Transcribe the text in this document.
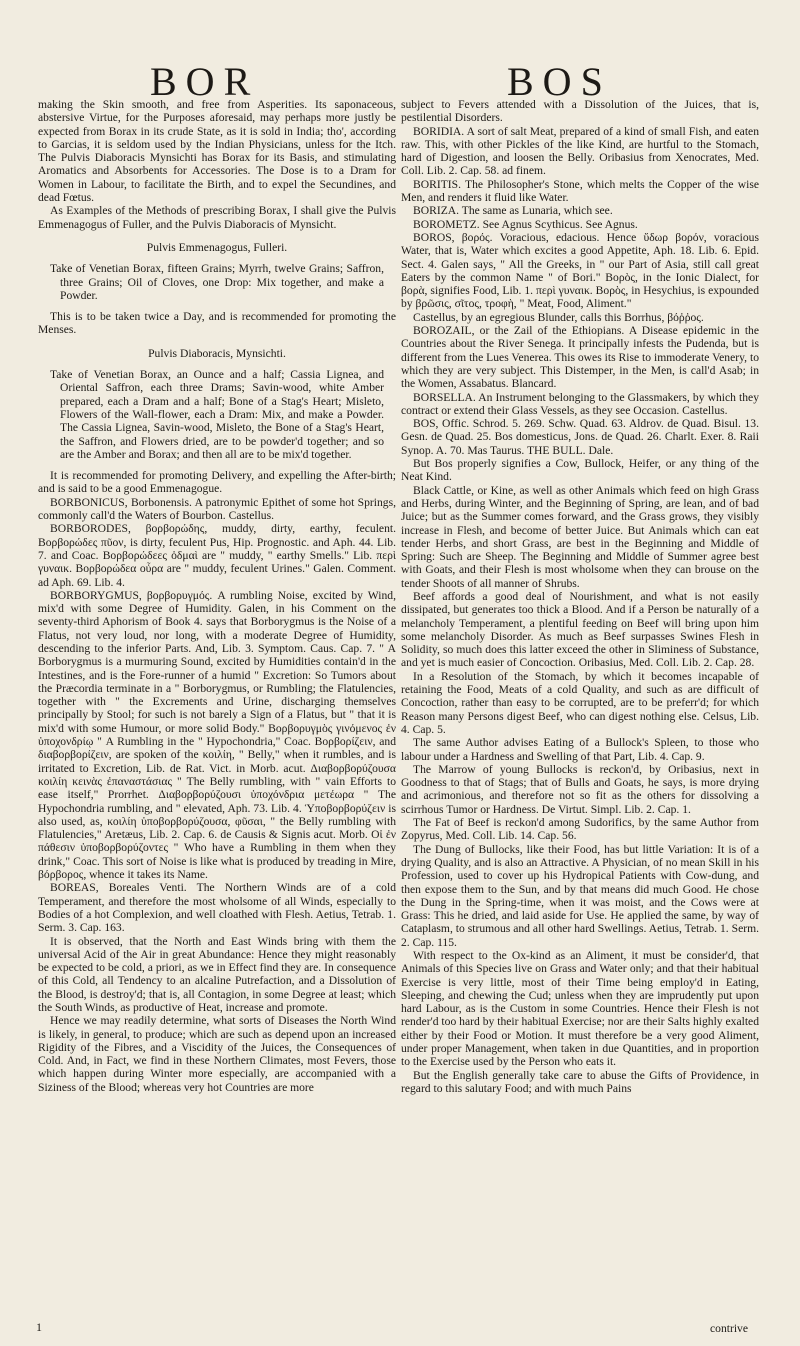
BOR	BOS

making the Skin smooth, and free from Asperities. Its saponaceous, abstersive Virtue, for the Purposes aforesaid, may perhaps more justly be expected from Borax in its crude State, as it is sold in India; tho', according to Garcias, it is seldom used by the Indian Physicians, unless for the Itch. The Pulvis Diaboracis Mynsichti has Borax for its Basis, and stimulating Aromatics and Absorbents for Accessories. The Dose is to a Dram for Women in Labour, to facilitate the Birth, and to expel the Secundines, and dead Fœtus.

As Examples of the Methods of prescribing Borax, I shall give the Pulvis Emmenagogus of Fuller, and the Pulvis Diaboracis of Mynsicht.

Pulvis Emmenagogus, Fulleri.

Take of Venetian Borax, fifteen Grains; Myrrh, twelve Grains; Saffron, three Grains; Oil of Cloves, one Drop: Mix together, and make a Powder.

This is to be taken twice a Day, and is recommended for promoting the Menses.

Pulvis Diaboracis, Mynsichti.

Take of Venetian Borax, an Ounce and a half; Cassia Lignea, and Oriental Saffron, each three Drams; Savin-wood, white Amber prepared, each a Dram and a half; Bone of a Stag's Heart; Misleto, Flowers of the Wall-flower, each a Dram: Mix, and make a Powder. The Cassia Lignea, Savin-wood, Misleto, the Bone of a Stag's Heart, the Saffron, and Flowers dried, are to be powder'd together; and so are the Amber and Borax; and then all are to be mix'd together.

It is recommended for promoting Delivery, and expelling the After-birth; and is said to be a good Emmenagogue.

BORBONICUS, Borbonensis. A patronymic Epithet of some hot Springs, commonly call'd the Waters of Bourbon. Castellus.

BORBORODES, βορβορώδης, muddy, dirty, earthy, feculent. Βορβορώδες πῦον, is dirty, feculent Pus, Hip. Prognostic. and Aph. 44. Lib. 7. and Coac. Βορβορώδεες ὀδμαὶ are " muddy, " earthy Smells." Lib. περὶ γυναικ. Βορβορώδεα οὖρα are " muddy, feculent Urines." Galen. Comment. ad Aph. 69. Lib. 4.

BORBORYGMUS, βορβορυγμός. A rumbling Noise, excited by Wind, mix'd with some Degree of Humidity. Galen, in his Comment on the seventy-third Aphorism of Book 4. says that Borborygmus is the Noise of a Flatus, not very loud, nor long, with a moderate Degree of Humidity, descending to the inferior Parts. And, Lib. 3. Symptom. Caus. Cap. 7. " A Borborygmus is a murmuring Sound, excited by Humidities contain'd in the Intestines, and is the Fore-runner of a humid " Excretion: So Tumors about the Præcordia terminate in a " Borborygmus, or Rumbling; the Flatulencies, together with " the Excrements and Urine, discharging themselves principally by Stool; for such is not barely a Sign of a Flatus, but " that it is mix'd with some Humour, or more solid Body." Βορβορυγμὸς γινόμενος ἐν ὑποχονδρίῳ " A Rumbling in the " Hypochondria," Coac. Βορβορίζειν, and διαβορβορίζειν, are spoken of the κοιλίη, " Belly," when it rumbles, and is irritated to Excretion, Lib. de Rat. Vict. in Morb. acut. Διαβορβορύζουσα κοιλίη κεινὰς ἐπαναστάσιας " The Belly rumbling, with " vain Efforts to ease itself," Prorrhet. Διαβορβορύζουσι ὑποχόνδρια μετέωρα " The Hypochondria rumbling, and " elevated, Aph. 73. Lib. 4. Ὑποβορβορύζειν is also used, as, κοιλίη ὑποβορβορύζουσα, φῦσαι, " the Belly rumbling with Flatulencies," Aretæus, Lib. 2. Cap. 6. de Causis & Signis acut. Morb. Οἱ ἐν πάθεσιν ὑποβορβορύζοντες " Who have a Rumbling in them when they drink," Coac. This sort of Noise is like what is produced by treading in Mire, βόρβορος, whence it takes its Name.

BOREAS, Boreales Venti. The Northern Winds are of a cold Temperament, and therefore the most wholsome of all Winds, especially to Bodies of a hot Complexion, and well cloathed with Flesh. Aetius, Tetrab. 1. Serm. 3. Cap. 163.

It is observed, that the North and East Winds bring with them the universal Acid of the Air in great Abundance: Hence they might reasonably be expected to be cold, a priori, as we in Effect find they are. In consequence of this Cold, all Tendency to an alcaline Putrefaction, and a Dissolution of the Blood, is destroy'd; that is, all Contagion, in some Degree at least; which the South Winds, as productive of Heat, increase and promote.

Hence we may readily determine, what sorts of Diseases the North Wind is likely, in general, to produce; which are such as depend upon an increased Rigidity of the Fibres, and a Viscidity of the Juices, the Consequences of Cold. And, in Fact, we find in these Northern Climates, most Fevers, those which happen during Winter more especially, are accompanied with a Siziness of the Blood; whereas very hot Countries are more

subject to Fevers attended with a Dissolution of the Juices, that is, pestilential Disorders.

BORIDIA. A sort of salt Meat, prepared of a kind of small Fish, and eaten raw. This, with other Pickles of the like Kind, are hurtful to the Stomach, hard of Digestion, and loosen the Belly. Oribasius from Xenocrates, Med. Coll. Lib. 2. Cap. 58. ad finem.

BORITIS. The Philosopher's Stone, which melts the Copper of the wise Men, and renders it fluid like Water.

BORIZA. The same as Lunaria, which see.

BOROMETZ. See Agnus Scythicus. See Agnus.

BOROS, βορός. Voracious, edacious. Hence ὕδωρ βορόν, voracious Water, that is, Water which excites a good Appetite, Aph. 18. Lib. 6. Epid. Sect. 4. Galen says, " All the Greeks, in " our Part of Asia, still call great Eaters by the common Name " of Bori." Βορὸς, in the Ionic Dialect, for βορὰ, signifies Food, Lib. 1. περὶ γυναικ. Βορὸς, in Hesychius, is expounded by βρῶσις, σῖτος, τροφὴ, " Meat, Food, Aliment."

Castellus, by an egregious Blunder, calls this Borrhus, βόῤῥος.

BOROZAIL, or the Zail of the Ethiopians. A Disease epidemic in the Countries about the River Senega. It principally infests the Pudenda, but is different from the Lues Venerea. This owes its Rise to immoderate Venery, to which they are very subject. This Distemper, in the Men, is call'd Asab; in the Women, Assabatus. Blancard.

BORSELLA. An Instrument belonging to the Glassmakers, by which they contract or extend their Glass Vessels, as they see Occasion. Castellus.

BOS, Offic. Schrod. 5. 269. Schw. Quad. 63. Aldrov. de Quad. Bisul. 13. Gesn. de Quad. 25. Bos domesticus, Jons. de Quad. 26. Charlt. Exer. 8. Raii Synop. A. 70. Mas Taurus. THE BULL. Dale.

But Bos properly signifies a Cow, Bullock, Heifer, or any thing of the Neat Kind.

Black Cattle, or Kine, as well as other Animals which feed on high Grass and Herbs, during Winter, and the Beginning of Spring, are lean, and of bad Juice; but as the Summer comes forward, and the Grass grows, they visibly increase in Flesh, and become of better Juice. But Animals which can eat tender Herbs, and short Grass, are best in the Beginning and Middle of Spring: Such are Sheep. The Beginning and Middle of Summer agree best with Goats, and their Flesh is most wholsome when they can brouse on the tender Shoots of all manner of Shrubs.

Beef affords a good deal of Nourishment, and what is not easily dissipated, but generates too thick a Blood. And if a Person be naturally of a melancholy Temperament, a plentiful feeding on Beef will bring upon him some melancholy Disorder. As much as Beef surpasses Swines Flesh in Solidity, so much does this latter exceed the other in Sliminess of Substance, and yet is much easier of Concoction. Oribasius, Med. Coll. Lib. 2. Cap. 28.

In a Resolution of the Stomach, by which it becomes incapable of retaining the Food, Meats of a cold Quality, and such as are difficult of Concoction, rather than easy to be corrupted, are to be preferr'd; for which Reason many Persons digest Beef, who can digest nothing else. Celsus, Lib. 4. Cap. 5.

The same Author advises Eating of a Bullock's Spleen, to those who labour under a Hardness and Swelling of that Part, Lib. 4. Cap. 9.

The Marrow of young Bullocks is reckon'd, by Oribasius, next in Goodness to that of Stags; that of Bulls and Goats, he says, is more drying and acrimonious, and therefore not so fit as the others for dissolving a scirrhous Tumor or Hardness. De Virtut. Simpl. Lib. 2. Cap. 1.

The Fat of Beef is reckon'd among Sudorifics, by the same Author from Zopyrus, Med. Coll. Lib. 14. Cap. 56.

The Dung of Bullocks, like their Food, has but little Variation: It is of a drying Quality, and is also an Attractive. A Physician, of no mean Skill in his Profession, used to cover up his Hydropical Patients with Cow-dung, and then expose them to the Sun, and by that means did much Good. He chose the Dung in the Spring-time, when it was moist, and the Cows were at Grass: This he dried, and laid aside for Use. He applied the same, by way of Cataplasm, to strumous and all other hard Swellings. Aetius, Tetrab. 1. Serm. 2. Cap. 115.

With respect to the Ox-kind as an Aliment, it must be consider'd, that Animals of this Species live on Grass and Water only; and that their habitual Exercise is very little, most of their Time being employ'd in Eating, Sleeping, and chewing the Cud; unless when they are imprudently put upon hard Labour, as is the Custom in some Countries. Hence their Flesh is not render'd too hard by their habitual Exercise; nor are their Salts highly exalted either by their Food or Motion. It must therefore be a very good Aliment, under proper Management, when taken in due Quantities, and in proportion to the Exercise used by the Person who eats it.

But the English generally take care to abuse the Gifts of Providence, in regard to this salutary Food; and with much Pains

1	contrive
